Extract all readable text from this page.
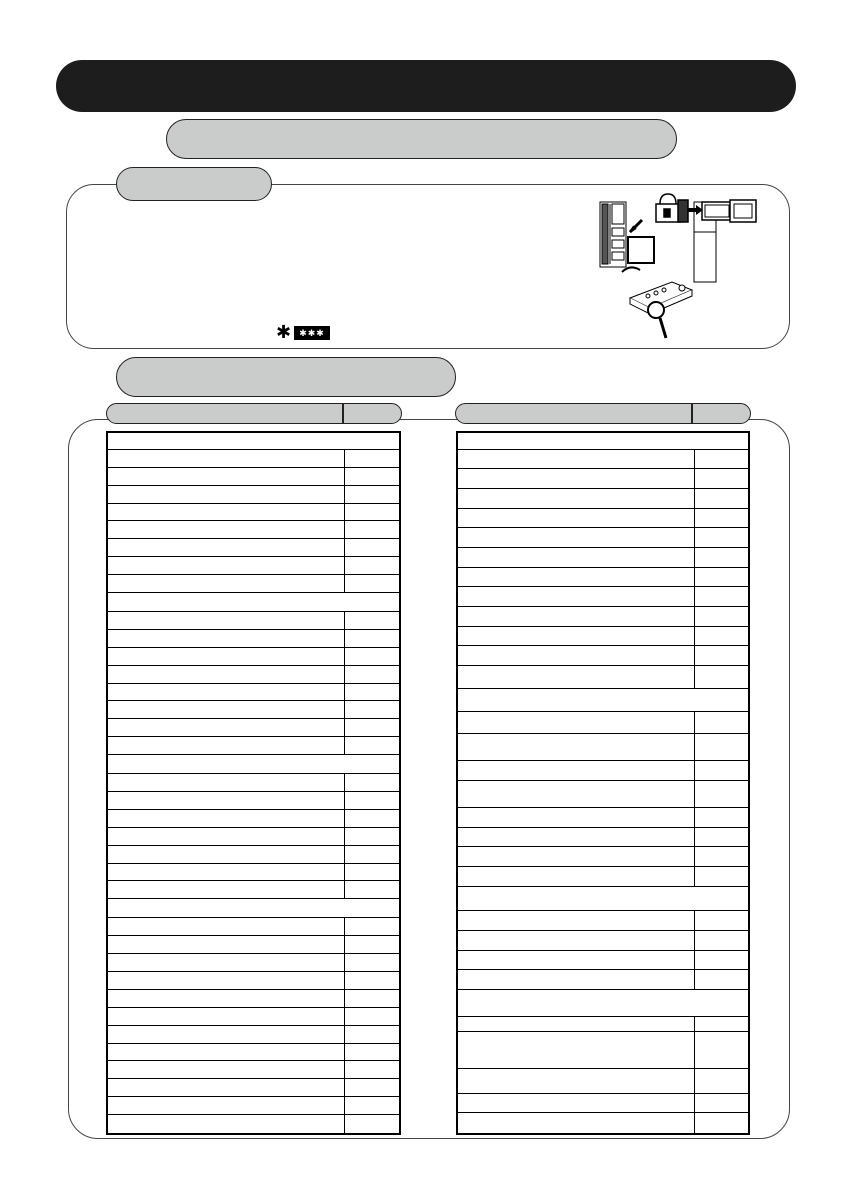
✱ ✱✱✱
